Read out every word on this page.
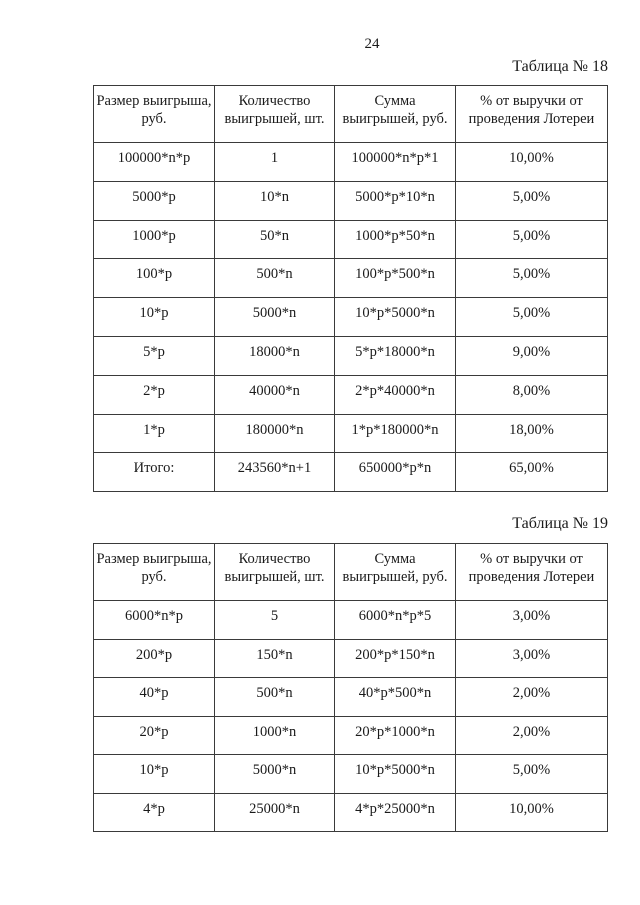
24
Таблица № 18
Размер выигрыша, руб.	Количество выигрышей, шт.	Сумма выигрышей, руб.	% от выручки от проведения Лотереи
100000*n*p	1	100000*n*p*1	10,00%
5000*p	10*n	5000*p*10*n	5,00%
1000*p	50*n	1000*p*50*n	5,00%
100*p	500*n	100*p*500*n	5,00%
10*p	5000*n	10*p*5000*n	5,00%
5*p	18000*n	5*p*18000*n	9,00%
2*p	40000*n	2*p*40000*n	8,00%
1*p	180000*n	1*p*180000*n	18,00%
Итого:	243560*n+1	650000*p*n	65,00%
Таблица № 19
Размер выигрыша, руб.	Количество выигрышей, шт.	Сумма выигрышей, руб.	% от выручки от проведения Лотереи
6000*n*p	5	6000*n*p*5	3,00%
200*p	150*n	200*p*150*n	3,00%
40*p	500*n	40*p*500*n	2,00%
20*p	1000*n	20*p*1000*n	2,00%
10*p	5000*n	10*p*5000*n	5,00%
4*p	25000*n	4*p*25000*n	10,00%
